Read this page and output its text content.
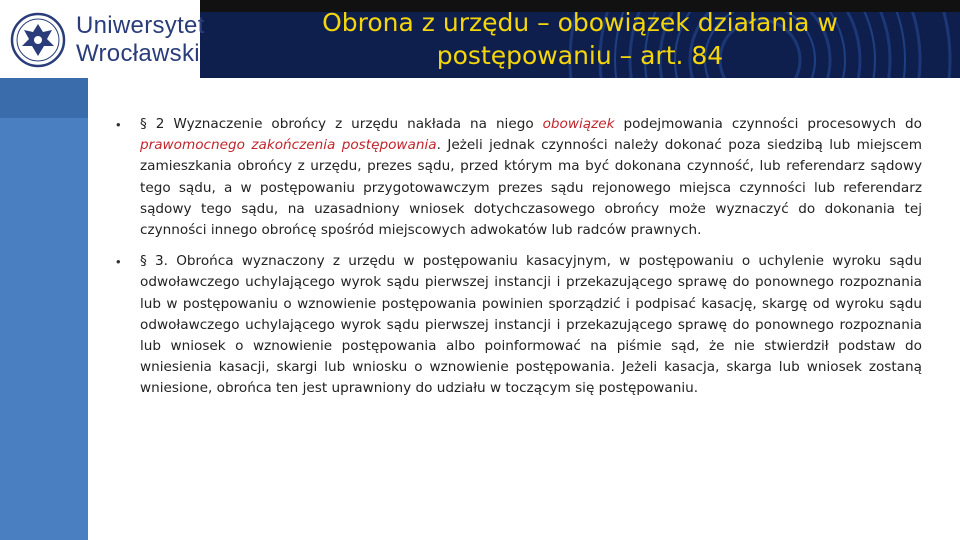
Uniwersytet
Wrocławski
Obrona z urzędu – obowiązek działania w
postępowaniu – art. 84
• § 2 Wyznaczenie obrońcy z urzędu nakłada na niego obowiązek podejmowania czynności procesowych do prawomocnego zakończenia postępowania. Jeżeli jednak czynności należy dokonać poza siedzibą lub miejscem zamieszkania obrońcy z urzędu, prezes sądu, przed którym ma być dokonana czynność, lub referendarz sądowy tego sądu, a w postępowaniu przygotowawczym prezes sądu rejonowego miejsca czynności lub referendarz sądowy tego sądu, na uzasadniony wniosek dotychczasowego obrońcy może wyznaczyć do dokonania tej czynności innego obrońcę spośród miejscowych adwokatów lub radców prawnych.

• § 3. Obrońca wyznaczony z urzędu w postępowaniu kasacyjnym, w postępowaniu o uchylenie wyroku sądu odwoławczego uchylającego wyrok sądu pierwszej instancji i przekazującego sprawę do ponownego rozpoznania lub w postępowaniu o wznowienie postępowania powinien sporządzić i podpisać kasację, skargę od wyroku sądu odwoławczego uchylającego wyrok sądu pierwszej instancji i przekazującego sprawę do ponownego rozpoznania lub wniosek o wznowienie postępowania albo poinformować na piśmie sąd, że nie stwierdził podstaw do wniesienia kasacji, skargi lub wniosku o wznowienie postępowania. Jeżeli kasacja, skarga lub wniosek zostaną wniesione, obrońca ten jest uprawniony do udziału w toczącym się postępowaniu.
